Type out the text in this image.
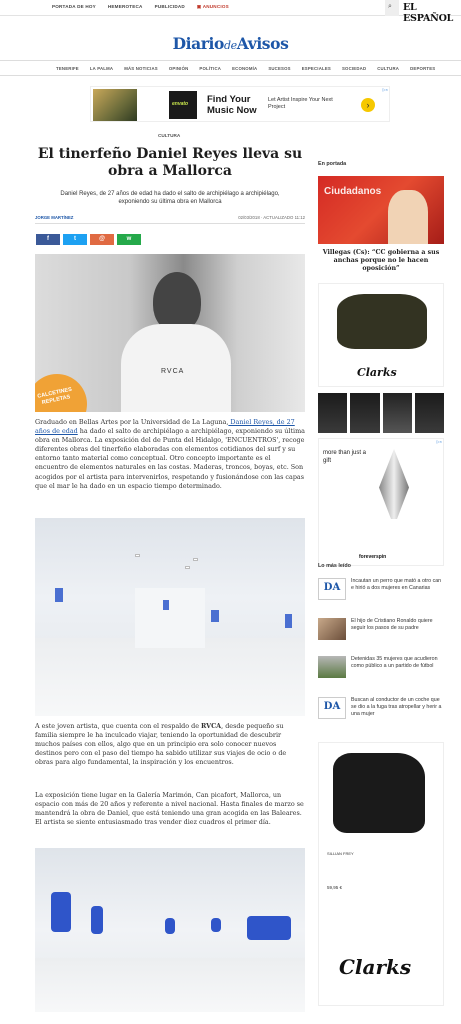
PORTADA DE HOY	HEMEROTECA	PUBLICIDAD	▣ ANUNCIOS	⌕ EL ESPAÑOL
DiariodeAvisos
TENERIFE	LA PALMA	MÁS NOTICIAS	OPINIÓN	POLÍTICA	ECONOMÍA	SUCESOS	ESPECIALES	SOCIEDAD	CULTURA	DEPORTES
envato Find Your Music Now
Let Artist Inspire Your Next Project	›
▷×
CULTURA
El tinerfeño Daniel Reyes lleva su obra a Mallorca
Daniel Reyes, de 27 años de edad ha dado el salto de archipiélago a archipiélago, exponiendo su última obra en Mallorca
JORGE MARTÍNEZ	02/03/2018 · ACTUALIZADO 11:12
f	t	@	w
RVCA
CALCETINES REPLETAS

Graduado en Bellas Artes por la Universidad de La Laguna, Daniel Reyes, de 27 años de edad ha dado el salto de archipiélago a archipiélago, exponiendo su última obra en Mallorca. La exposición del de Punta del Hidalgo, 'ENCUENTROS', recoge diferentes obras del tinerfeño elaboradas con elementos cotidianos del surf y su entorno tanto material como conceptual. Otro concepto importante es el encuentro de elementos naturales en las costas. Maderas, troncos, boyas, etc. Son acogidos por el artista para intervenirlos, respetando y fusionándose con las capas que el mar le ha dado en un espacio tiempo determinado.

A este joven artista, que cuenta con el respaldo de RVCA, desde pequeño su familia siempre le ha inculcado viajar, teniendo la oportunidad de descubrir muchos países con ellos, algo que en un principio era solo conocer nuevos destinos pero con el paso del tiempo ha sabido utilizar sus viajes de ocio o de obras para algo fundamental, la inspiración y los encuentros.

La exposición tiene lugar en la Galería Marimón, Can picafort, Mallorca, un espacio con más de 20 años y referente a nivel nacional. Hasta finales de marzo se mantendrá la obra de Daniel, que está teniendo una gran acogida en las Baleares. El artista se siente entusiasmado tras vender diez cuadros el primer día.

En portada
Ciudadanos
Villegas (Cs): “CC gobierna a sus anchas porque no le hacen oposición”
Clarks
more than just a gift
foreverspin
▷×
Lo más leído
DA
Incautan un perro que mató a otro can e hirió a dos mujeres en Canarias
El hijo de Cristiano Ronaldo quiere seguir los pasos de su padre
Detenidas 35 mujeres que acudieron como público a un partido de fútbol
DA
Buscan al conductor de un coche que se dio a la fuga tras atropellar y herir a una mujer
SILLIAN FREY
59,95 €
Clarks
